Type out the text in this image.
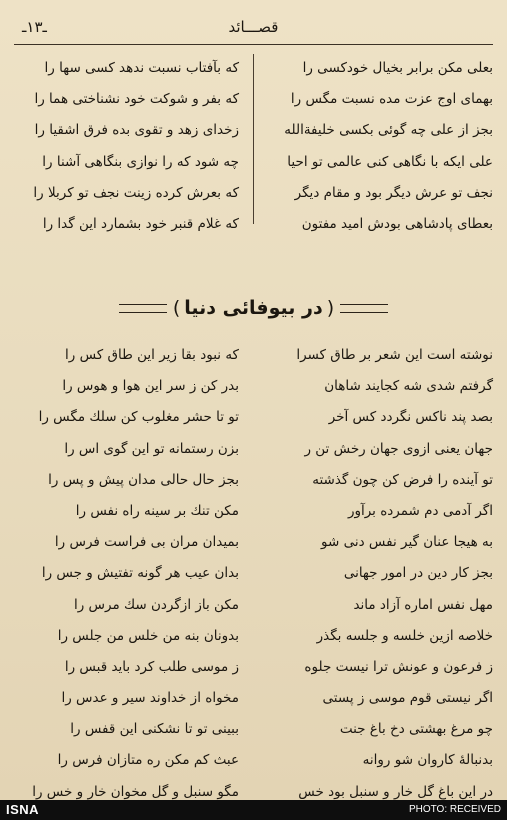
قصـــائد
ـ۱۳ـ
بعلی مکن برابر بخیال خودکسی را
که بآفتاب نسبت ندهد کسی سها را
بهمای اوج عزت مده نسبت مگس را
که بفر و شوکت خود نشناختی هما را
بجز از علی چه گوئی بکسی خلیفةالله
زخدای زهد و تقوی بده فرق اشقیا را
علی ایکه با نگاهی کنی عالمی تو احیا
چه شود که را نوازی بنگاهی آشنا را
نجف تو عرش دیگر بود و مقام دیگر
که بعرش کرده زینت نجف تو کربلا را
بعطای پادشاهی بودش امید مفتون
که غلام قنبر خود بشمارد این گدا را
(
در بیوفائی دنیا
)
نوشته است این شعر بر طاق کسرا
که نبود بقا زیر این طاق کس را
گرفتم شدی شه کجایند شاهان
بدر کن ز سر این هوا و هوس را
بصد پند ناکس نگردد کس آخر
تو تا حشر مغلوب کن سلك مگس را
جهان یعنی ازوی جهان رخش تن ر
بزن رستمانه تو این گوی اس را
تو آینده را فرض کن چون گذشته
بجز حال حالی مدان پیش و پس را
اگر آدمی دم شمرده برآور
مکن تنك بر سینه راه نفس را
به هیجا عنان گیر نفس دنی شو
بمیدان مران بی فراست فرس را
بجز کار دین در امور جهانی
بدان عیب هر گونه تفتیش و جس را
مهل نفس اماره آزاد ماند
مکن باز ازگردن سك مرس را
خلاصه ازین خلسه و جلسه بگذر
بدونان بنه من خلس من جلس را
ز فرعون و عونش ترا نیست جلوه
ز موسی طلب کرد باید قبس را
اگر نیستی قوم موسی ز پستی
مخواه از خداوند سیر و عدس را
چو مرغ بهشتی دخ باغ جنت
ببینی تو تا نشکنی این قفس را
بدنبالهٔ کاروان شو روانه
عبث کم مکن ره متازان فرس را
در این باغ گل خار و سنبل بود خس
مگو سنبل و گل مخوان خار و خس را
ISNA	PHOTO: RECEIVED
